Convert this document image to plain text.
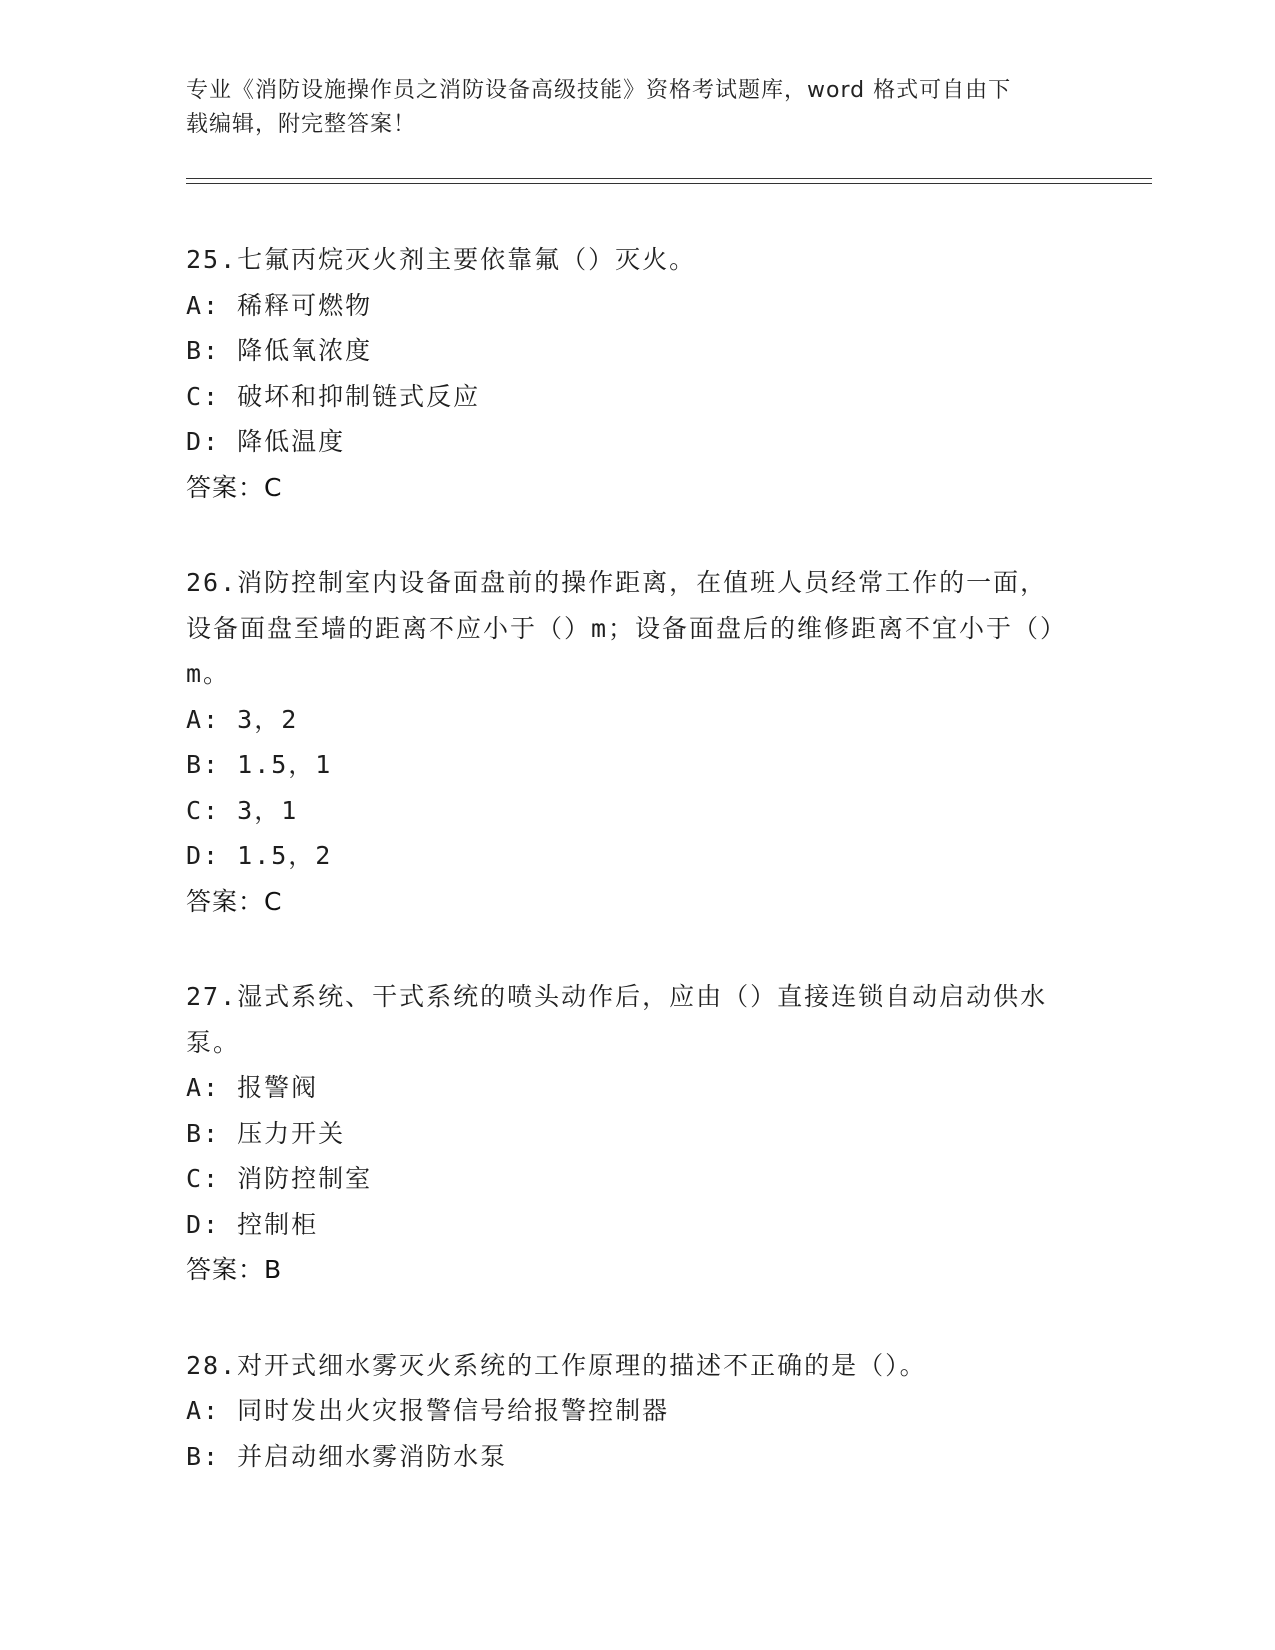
专业《消防设施操作员之消防设备高级技能》资格考试题库，word 格式可自由下
载编辑，附完整答案！

25.七氟丙烷灭火剂主要依靠氟（）灭火。

A: 稀释可燃物

B: 降低氧浓度

C: 破坏和抑制链式反应

D: 降低温度

答案：C

26.消防控制室内设备面盘前的操作距离，在值班人员经常工作的一面，设备面盘至墙的距离不应小于（）m；设备面盘后的维修距离不宜小于（）m。

A: 3，2

B: 1.5，1

C: 3，1

D: 1.5，2

答案：C

27.湿式系统、干式系统的喷头动作后，应由（）直接连锁自动启动供水泵。

A: 报警阀

B: 压力开关

C: 消防控制室

D: 控制柜

答案：B

28.对开式细水雾灭火系统的工作原理的描述不正确的是（）。

A: 同时发出火灾报警信号给报警控制器

B: 并启动细水雾消防水泵
